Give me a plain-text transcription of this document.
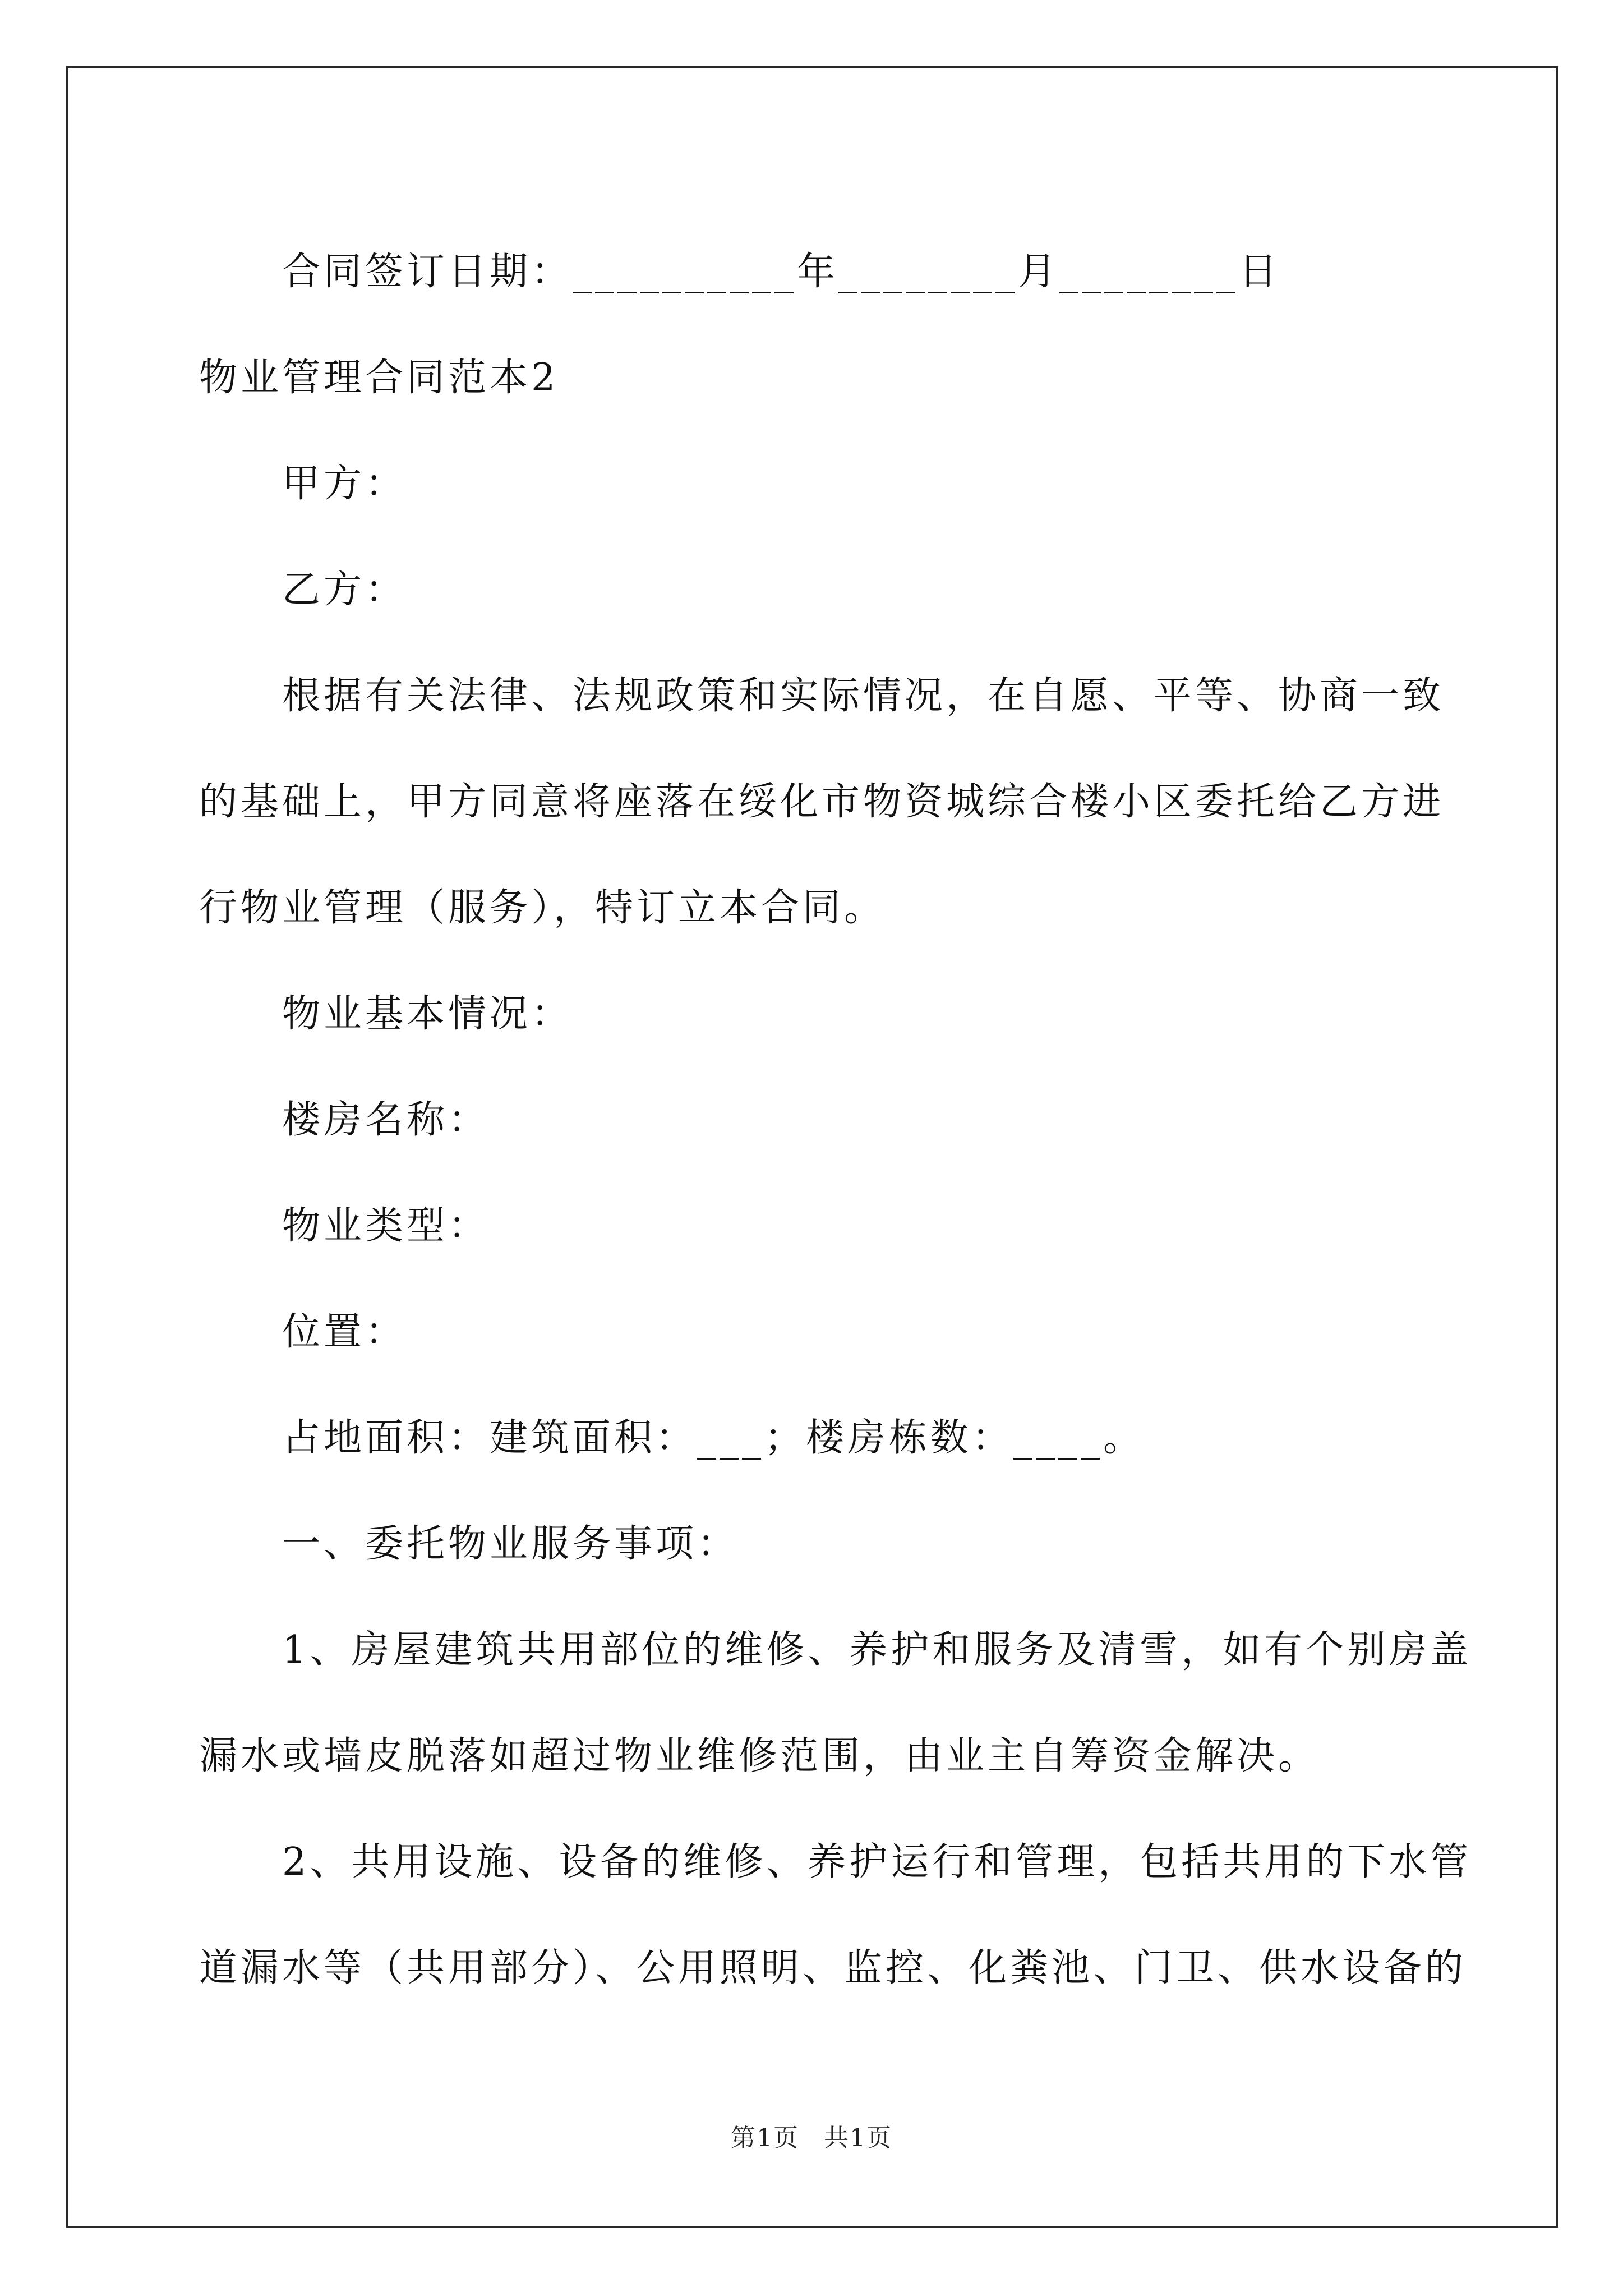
合同签订日期：__________年________月________日

物业管理合同范本2

甲方：

乙方：

根据有关法律、法规政策和实际情况，在自愿、平等、协商一致

的基础上，甲方同意将座落在绥化市物资城综合楼小区委托给乙方进

行物业管理（服务），特订立本合同。

物业基本情况：

楼房名称：

物业类型：

位置：

占地面积：建筑面积：___；楼房栋数：____。

一、委托物业服务事项：

1、房屋建筑共用部位的维修、养护和服务及清雪，如有个别房盖

漏水或墙皮脱落如超过物业维修范围，由业主自筹资金解决。

2、共用设施、设备的维修、养护运行和管理，包括共用的下水管

道漏水等（共用部分）、公用照明、监控、化粪池、门卫、供水设备的

第1页 共1页
